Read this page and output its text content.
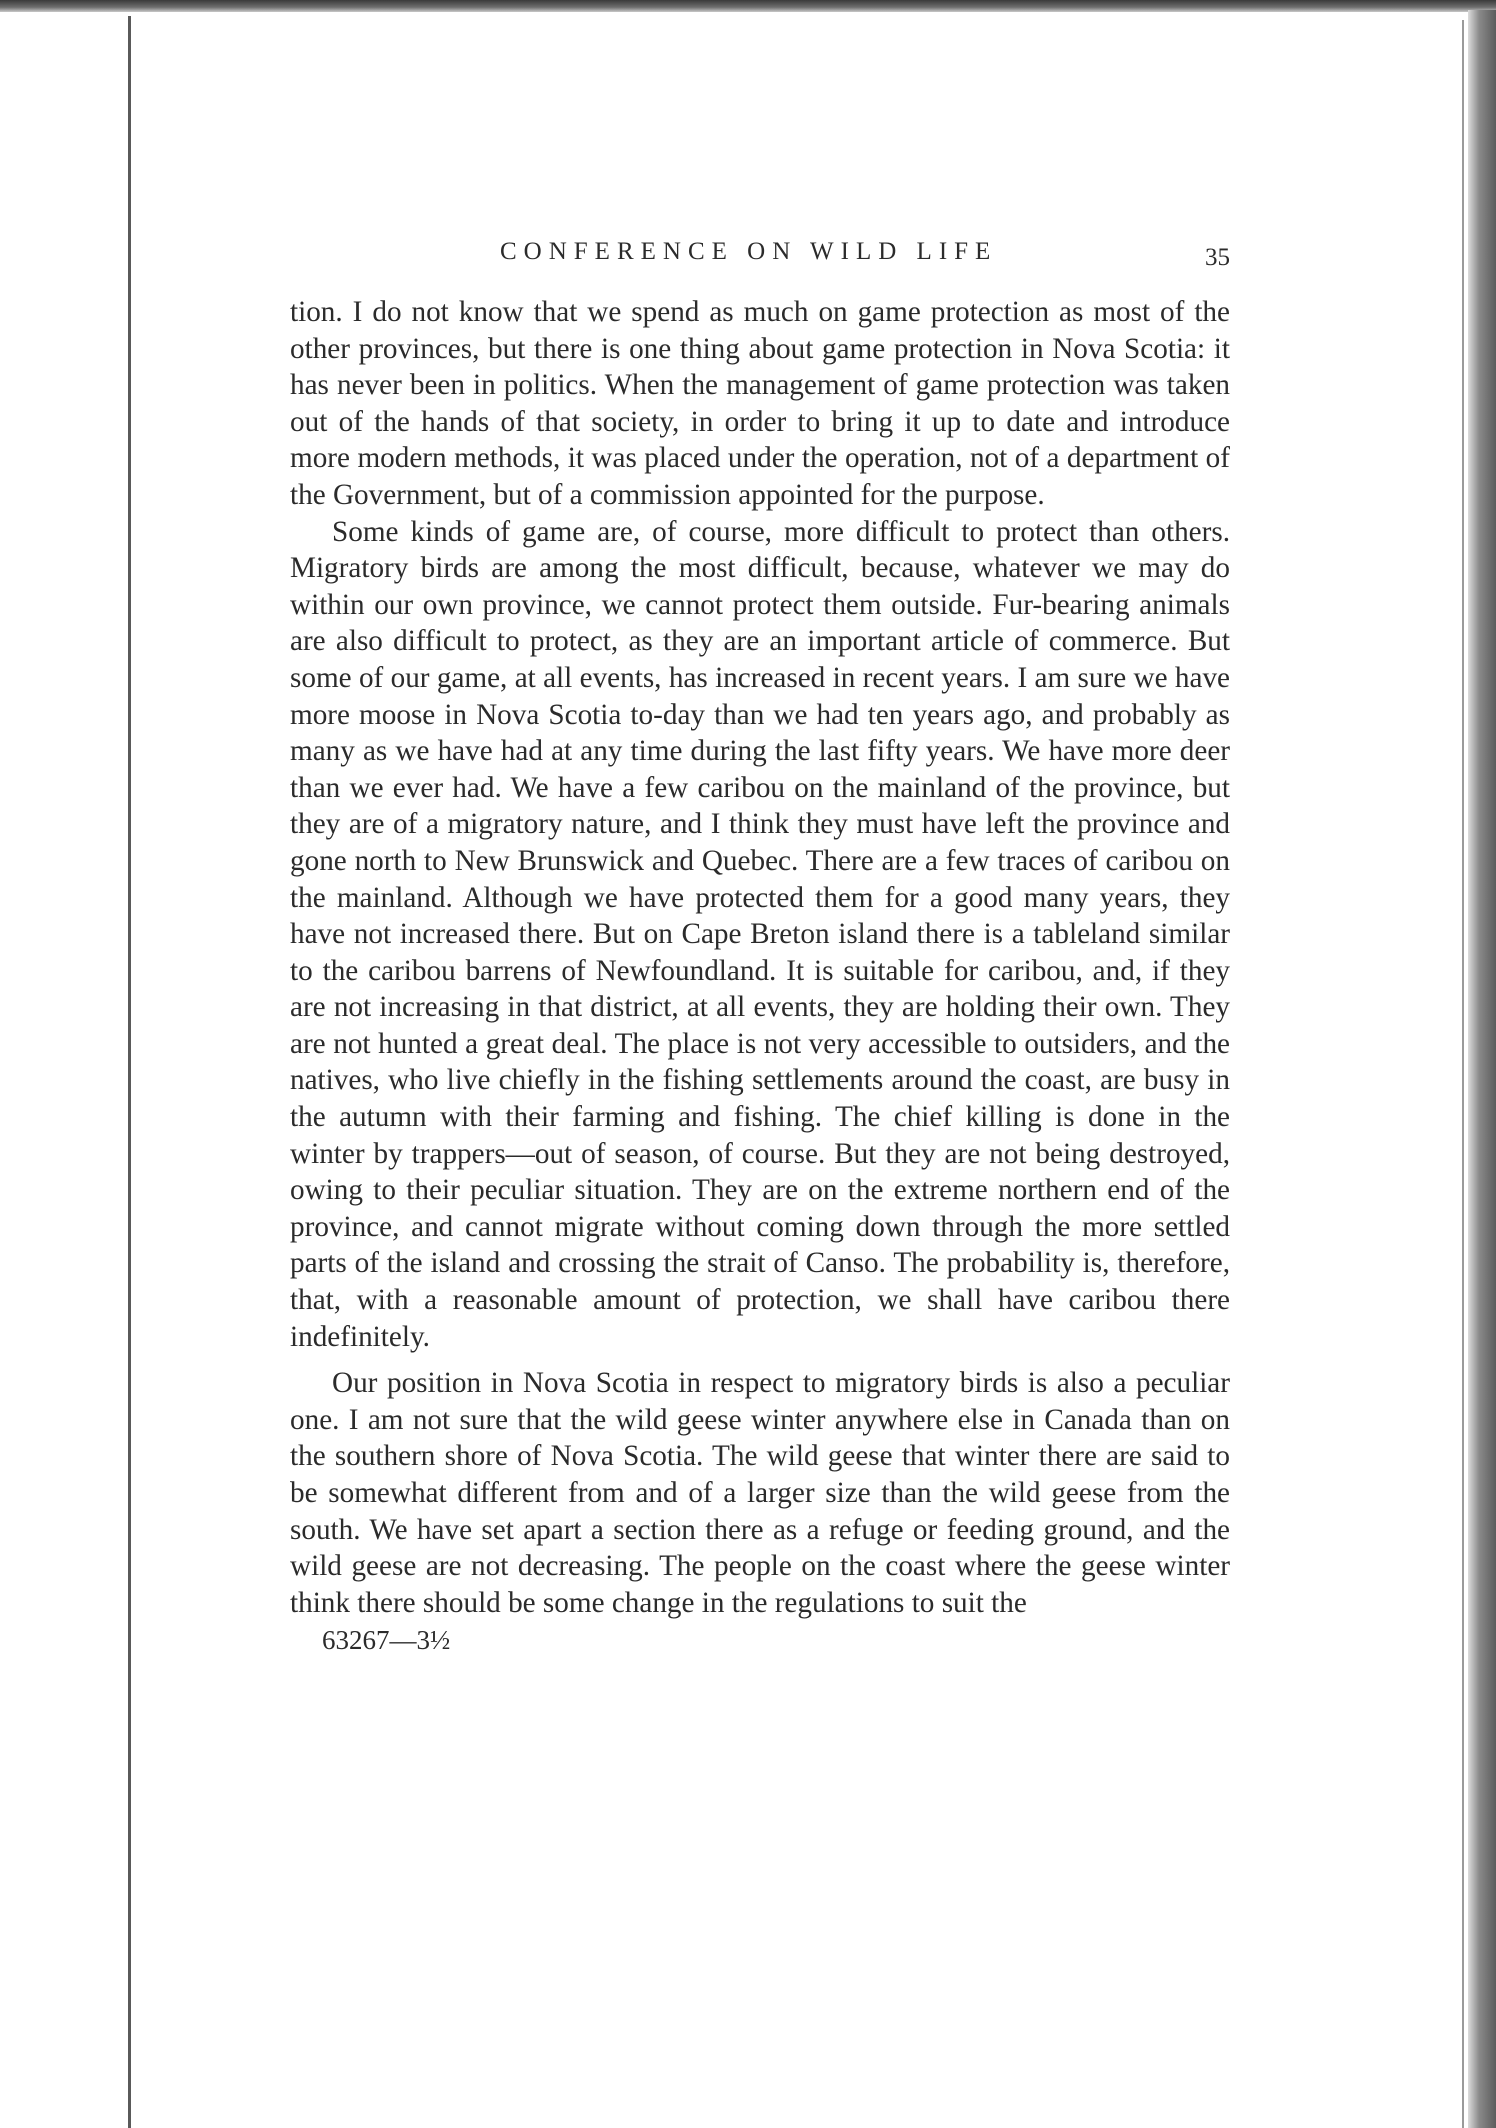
CONFERENCE ON WILD LIFE	35

tion. I do not know that we spend as much on game protection as most of the other provinces, but there is one thing about game protection in Nova Scotia: it has never been in politics. When the management of game protection was taken out of the hands of that society, in order to bring it up to date and introduce more modern methods, it was placed under the operation, not of a department of the Government, but of a commission appointed for the purpose.

Some kinds of game are, of course, more difficult to protect than others. Migratory birds are among the most difficult, because, whatever we may do within our own province, we cannot protect them outside. Fur-bearing animals are also difficult to protect, as they are an important article of commerce. But some of our game, at all events, has increased in recent years. I am sure we have more moose in Nova Scotia to-day than we had ten years ago, and probably as many as we have had at any time during the last fifty years. We have more deer than we ever had. We have a few caribou on the mainland of the province, but they are of a migratory nature, and I think they must have left the province and gone north to New Brunswick and Quebec. There are a few traces of caribou on the mainland. Although we have protected them for a good many years, they have not increased there. But on Cape Breton island there is a tableland similar to the caribou barrens of Newfoundland. It is suitable for caribou, and, if they are not increasing in that district, at all events, they are holding their own. They are not hunted a great deal. The place is not very accessible to outsiders, and the natives, who live chiefly in the fishing settlements around the coast, are busy in the autumn with their farming and fishing. The chief killing is done in the winter by trappers—out of season, of course. But they are not being destroyed, owing to their peculiar situation. They are on the extreme northern end of the province, and cannot migrate without coming down through the more settled parts of the island and crossing the strait of Canso. The probability is, therefore, that, with a reasonable amount of protection, we shall have caribou there indefinitely.

Our position in Nova Scotia in respect to migratory birds is also a peculiar one. I am not sure that the wild geese winter anywhere else in Canada than on the southern shore of Nova Scotia. The wild geese that winter there are said to be somewhat different from and of a larger size than the wild geese from the south. We have set apart a section there as a refuge or feeding ground, and the wild geese are not decreasing. The people on the coast where the geese winter think there should be some change in the regulations to suit the

63267—3½
